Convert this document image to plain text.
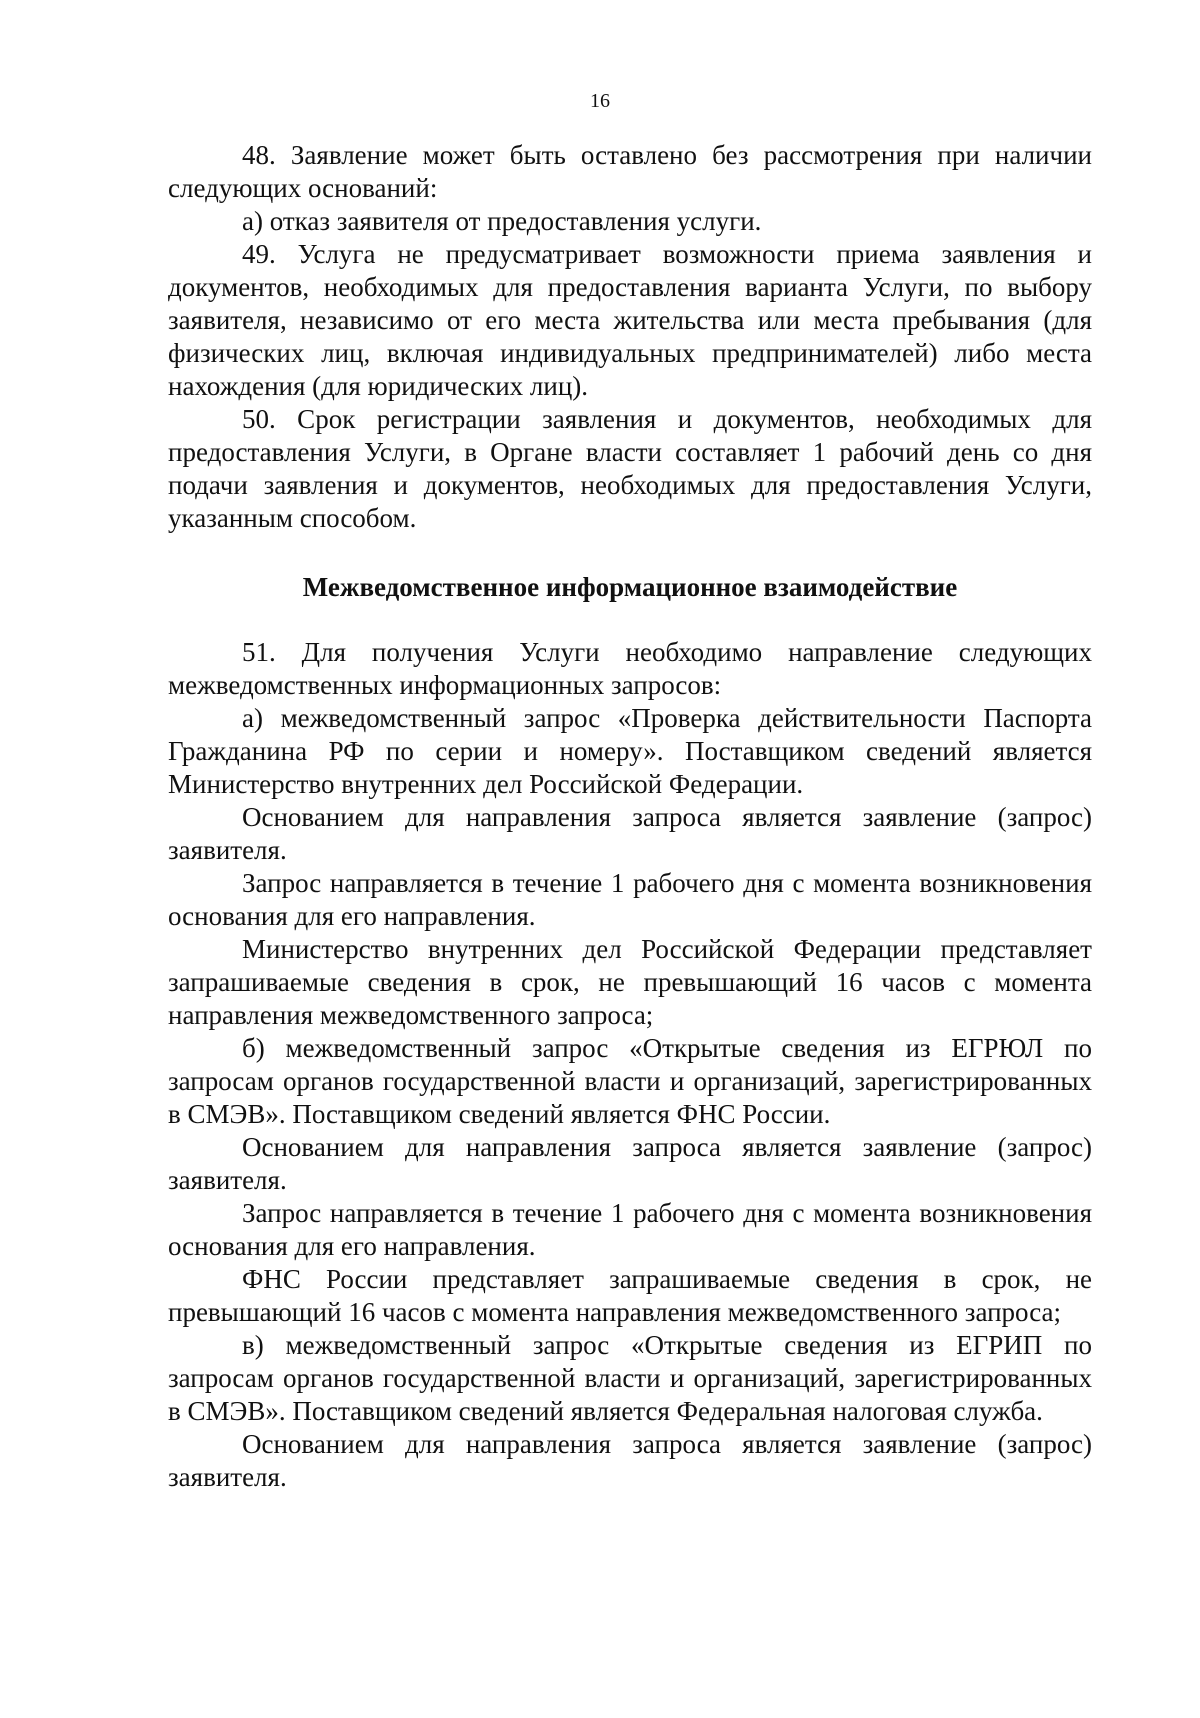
16

48. Заявление может быть оставлено без рассмотрения при наличии следующих оснований:

а) отказ заявителя от предоставления услуги.

49. Услуга не предусматривает возможности приема заявления и документов, необходимых для предоставления варианта Услуги, по выбору заявителя, независимо от его места жительства или места пребывания (для физических лиц, включая индивидуальных предпринимателей) либо места нахождения (для юридических лиц).

50. Срок регистрации заявления и документов, необходимых для предоставления Услуги, в Органе власти составляет 1 рабочий день со дня подачи заявления и документов, необходимых для предоставления Услуги, указанным способом.

Межведомственное информационное взаимодействие

51. Для получения Услуги необходимо направление следующих межведомственных информационных запросов:

а) межведомственный запрос «Проверка действительности Паспорта Гражданина РФ по серии и номеру». Поставщиком сведений является Министерство внутренних дел Российской Федерации.

Основанием для направления запроса является заявление (запрос) заявителя.

Запрос направляется в течение 1 рабочего дня с момента возникновения основания для его направления.

Министерство внутренних дел Российской Федерации представляет запрашиваемые сведения в срок, не превышающий 16 часов с момента направления межведомственного запроса;

б) межведомственный запрос «Открытые сведения из ЕГРЮЛ по запросам органов государственной власти и организаций, зарегистрированных в СМЭВ». Поставщиком сведений является ФНС России.

Основанием для направления запроса является заявление (запрос) заявителя.

Запрос направляется в течение 1 рабочего дня с момента возникновения основания для его направления.

ФНС России представляет запрашиваемые сведения в срок, не превышающий 16 часов с момента направления межведомственного запроса;

в) межведомственный запрос «Открытые сведения из ЕГРИП по запросам органов государственной власти и организаций, зарегистрированных в СМЭВ». Поставщиком сведений является Федеральная налоговая служба.

Основанием для направления запроса является заявление (запрос) заявителя.
